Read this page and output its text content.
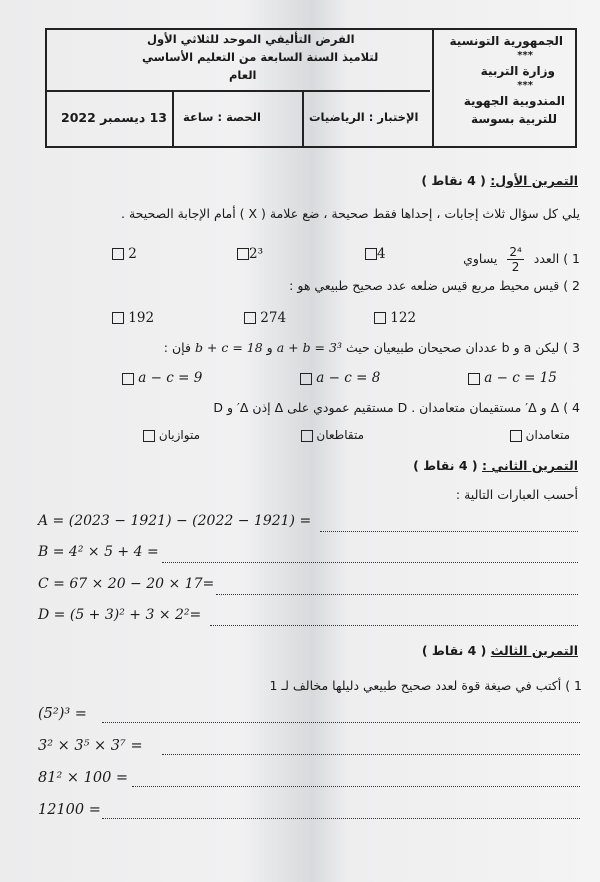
الجمهورية التونسية
***
وزارة التربية
***
المندوبية الجهوية
للتربية بسوسة
الفرض التأليفي الموحد للثلاثي الأول
لتلاميذ السنة السابعة من التعليم الأساسي
العام
الإختبار : الرياضيات
الحصة : ساعة
13 ديسمبر 2022
التمرين الأول: ( 4 نقاط )
يلي كل سؤال ثلاث إجابات ، إحداها فقط صحيحة ، ضع علامة ( X ) أمام الإجابة الصحيحة .
1 ) العدد
$\frac{\text{2⁴}}{2}$
يساوي
4
2³
2
2 ) قيس محيط مربع قيس ضلعه عدد صحيح طبيعي هو :
122
274
192
3 ) ليكن a و b عددان صحيحان طبيعيان حيث a + b = 3³ و b + c = 18 فإن :
a − c = 15
a − c = 8
a − c = 9
4 ) Δ و Δ′ مستقيمان متعامدان . D مستقيم عمودي على Δ إذن Δ′ و D
متعامدان
متقاطعان
متوازيان
التمرين الثاني : ( 4 نقاط )
أحسب العبارات التالية :
A = (2023 − 1921) − (2022 − 1921) =
B = 4² × 5 + 4 =
C = 67 × 20 − 20 × 17=
D = (5 + 3)² + 3 × 2²=
التمرين الثالث ( 4 نقاط )
1 ) أكتب في صيغة قوة لعدد صحيح طبيعي دليلها مخالف لـ 1
(5²)³ =
3² × 3⁵ × 3⁷ =
81² × 100 =
12100 =
